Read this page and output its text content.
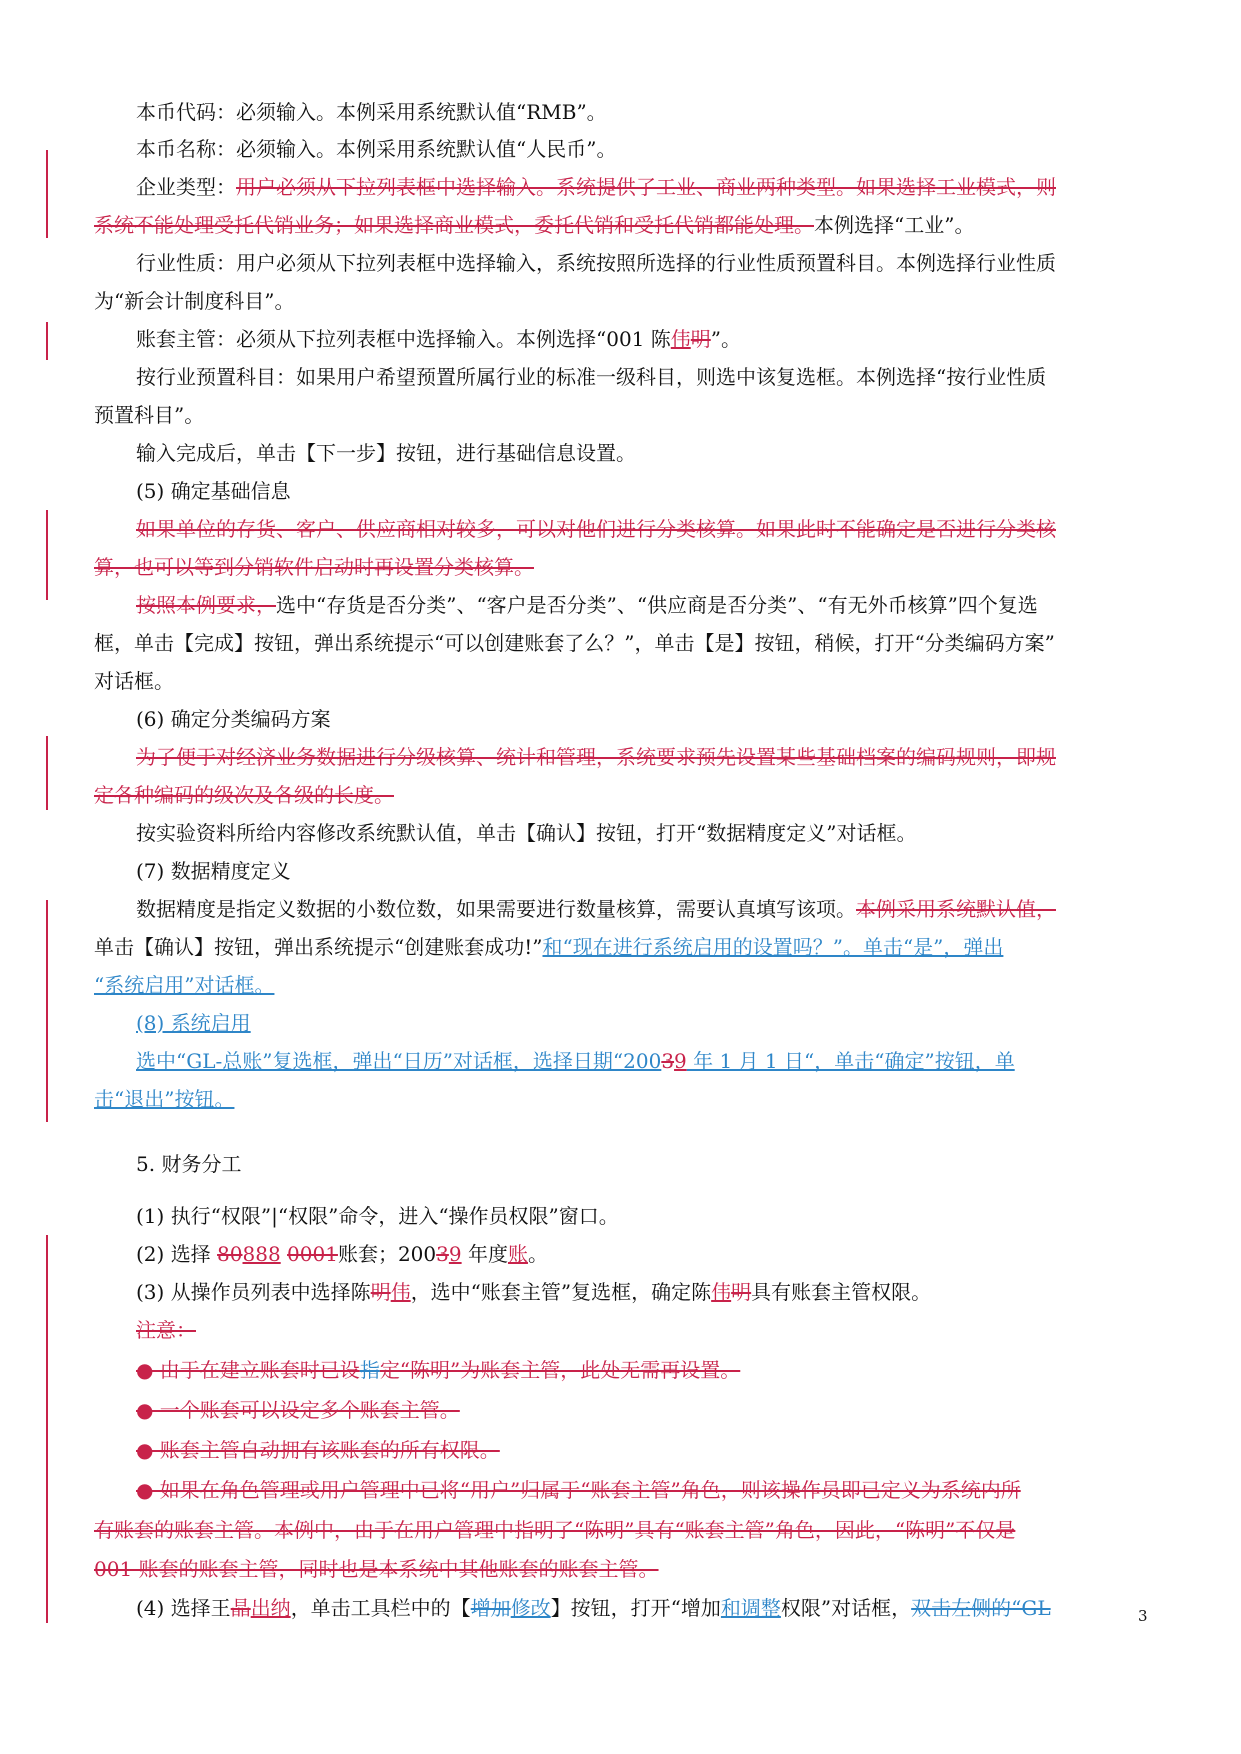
本币代码：必须输入。本例采用系统默认值“RMB”。
本币名称：必须输入。本例采用系统默认值“人民币”。
企业类型：用户必须从下拉列表框中选择输入。系统提供了工业、商业两种类型。如果选择工业模式，则
系统不能处理受托代销业务；如果选择商业模式，委托代销和受托代销都能处理。本例选择“工业”。
行业性质：用户必须从下拉列表框中选择输入，系统按照所选择的行业性质预置科目。本例选择行业性质
为“新会计制度科目”。
账套主管：必须从下拉列表框中选择输入。本例选择“001 陈伟明”。
按行业预置科目：如果用户希望预置所属行业的标准一级科目，则选中该复选框。本例选择“按行业性质
预置科目”。
输入完成后，单击【下一步】按钮，进行基础信息设置。
(5) 确定基础信息
如果单位的存货、客户、供应商相对较多，可以对他们进行分类核算。如果此时不能确定是否进行分类核
算，也可以等到分销软件启动时再设置分类核算。
按照本例要求，选中“存货是否分类”、“客户是否分类”、“供应商是否分类”、“有无外币核算”四个复选
框，单击【完成】按钮，弹出系统提示“可以创建账套了么？”，单击【是】按钮，稍候，打开“分类编码方案”
对话框。
(6) 确定分类编码方案
为了便于对经济业务数据进行分级核算、统计和管理，系统要求预先设置某些基础档案的编码规则，即规
定各种编码的级次及各级的长度。
按实验资料所给内容修改系统默认值，单击【确认】按钮，打开“数据精度定义”对话框。
(7) 数据精度定义
数据精度是指定义数据的小数位数，如果需要进行数量核算，需要认真填写该项。本例采用系统默认值，
单击【确认】按钮，弹出系统提示“创建账套成功!”和“现在进行系统启用的设置吗？”。单击“是”，弹出
“系统启用”对话框。
(8) 系统启用
选中“GL-总账”复选框，弹出“日历”对话框，选择日期“20039 年 1 月 1 日“，单击“确定”按钮，单
击“退出”按钮。
5. 财务分工
(1) 执行“权限”|“权限”命令，进入“操作员权限”窗口。
(2) 选择 80888 0001账套；20039 年度账。
(3) 从操作员列表中选择陈明伟，选中“账套主管”复选框，确定陈伟明具有账套主管权限。
注意：
● 由于在建立账套时已设指定“陈明”为账套主管，此处无需再设置。
● 一个账套可以设定多个账套主管。
● 账套主管自动拥有该账套的所有权限。
● 如果在角色管理或用户管理中已将“用户”归属于“账套主管”角色，则该操作员即已定义为系统内所
有账套的账套主管。本例中，由于在用户管理中指明了“陈明”具有“账套主管”角色，因此，“陈明”不仅是
001 账套的账套主管，同时也是本系统中其他账套的账套主管。
(4) 选择王晶出纳，单击工具栏中的【增加修改】按钮，打开“增加和调整权限”对话框，双击左侧的“GL	3
